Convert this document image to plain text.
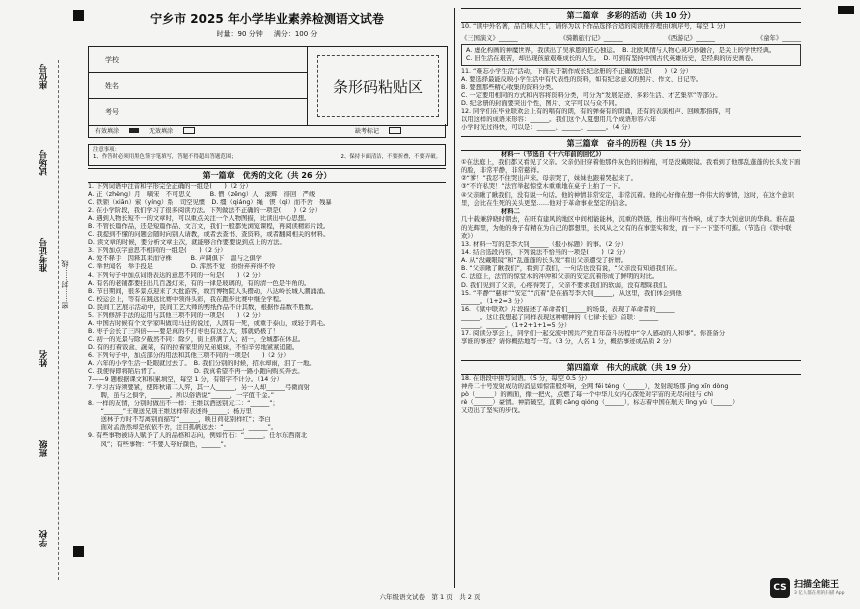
座位号
试场号
准考证号
姓名
班级
学校
密……封……线
宁乡市 2025 年小学毕业素养检测语文试卷
时量：90 分钟 满分：100 分
学校
姓名
考号
条形码粘贴区
有效填涂	无效填涂	缺考标记
注意事项：
1、作答时必须用黑色签字笔填写，答题不得超出答题范围；	2、保持卡面清洁，不要折叠，不要弄破。
第一篇章　优秀的文化（共 26 分）
1. 下列词语中注音和字形完全正确的一组是(　　)（2 分）
A. 正（zhèng）月　嘀宋　不可思义　　　B. 僧（zēng）人　滚辉　徘回　严竣
C. 铁锁（xiān）萦（yíng）系　司空见惯　D. 缰（qiáng）绳　锲（qì）而不舍　残暴
2. 在小学阶段，我们学习了很多阅读方法。下列做法不正确的一项是(　　)（2 分）
A. 遇到人物长短不一的文章时，可以重点关注一个人物图描，比读出中心思想。
B. 不管长篇作品，还是短篇作品、文言文，我们一般都先浏览课程，再阅读精彩片段。
C. 我提到不懂的问题会随时向别人请教，或者去查书、查资料，或者翻阅相关的材料。
D. 读文章的时候，要分析文章主次，就能够合作要要说到点上的方法。
3. 下列加点字意思不相同的一组是(　　)（2 分）
A. 爱不释手　因释其耒而守株　　　B. 声调俱下　温与之俱学
C. 举世闻名　举手投足　　　　　　D. 浑然不觉　纷纷弃弃得不怜
4. 下列句子中加点词语表达的意思不同的一句是(　　)（2 分）
A. 有名的老铺都要挂出几百盏灯来，有的一律是玻璃的，有的清一色是牛角的。
B. 节日期间，很多景点迎来了大批游客，故宫博物院人头攒动，八达岭长城人潮涌涌。
C. 校运会上，等有在跳远比赛中领得头彩，我在跑步比赛中继全学程。
D. 民间工艺展示活动中，民间工艺大师的剪纸作品不计其数，根据作品数不胜数。
5. 下列修辞手法的运用与其他三项不同的一项是(　　)（2 分）
A. 中国古时候有个文学家叫做司马迁的说过，人固有一死，或重于泰山，或轻于鸿毛。
B. 枣子会长了三四倍——要是真的不打枣也有这么大，那就奶极了！
C. 初一的光景与除夕截然不同：除夕，街上挤满了人；初一，全城都在休息。
D. 有的打着饭盒、蔬菜，有的拉着家里的兄弟姐妹，不怕辛劳地紧紧追随。
6. 下列句子中，加点部分的用法和其他三项不同的一项是(　　)（2 分）
A. 六年的小学生活一眨眼就过去了。　B. 我们分别的时候，招水却雨，泪了一地。
C. 我使得即将陷后背了。　　　　　　D. 我真希望不再一路小跑向购买奔去。
7——9 题根据课文和积累填空，每空 1 分，有错字不计分。（14 分）
7. 学习古诗须要紧，使阵秋诸二人弈，其一人______，另一人却______弓微而射
　　聘，虽与之俱学，______。所以俗语说“______，一字值千金。”
8. 一样的友情，分别时做出不一样：王维以酒送别元二：“______”；
　　“______”王观送兄别王维这样带表述得______；杨万里
　　送林子方时不写离别而描写“______，映日荷花别样红”；李白
　　面对孟浩然却是依依不舍，注目孤帆远去：“______，______”。
9. 有些事物被诗人赋予了人的品格和志向，例如竹石：“______，任尔东西南北
　　风”；有些事物：“不要人夸好颜色，______”。
第二篇章　多彩的活动（共 10 分）
10. “读中外名著，品百味人生”，请你为以下作品选择合适的阅读推荐理由(填序号，每空 1 分)
《三国演义》______	《骑鹅旅行记》______	《西游记》______	《童年》______
A. 虚化构画的神魔世界，我读出了吴承恩的匠心独运。　B. 北欧风情与人物心灵巧妙融合，是关上的学世经典。
C. 旧生活在艰苦，却出现孩童艰难成长的人生。　D. 可到有坚持中国古代英雄历史，是经典的历史画卷。
11. “难忘小学生活”活动，下面关于制作成长纪念册的不正确做法是(　　)（2 分）
A. 要选择最能反映小学生活中有代表性的资料，如有纪念意义的照片、作文、日记等。
B. 要想那些精心收集的资料分类。
C. 一定要用相同的方式和内容将资料分类，可分为“发展足迹、多彩生活、才艺集萃”等部分。
D. 纪念册的封面要突出个性，图片、文字可以与众不同。
12. 同学们在毕业联欢会上有的唱有的朗，有的弹奏有的朗诵，还有的表演相声、回顾那指挥，可
以用这样的成语来形容：______。我们这个人夏想用几个成语形容六年
小学时光过得快，可以是：______、______、______。（4 分）
第三篇章　奋斗的历程（共 15 分）
材料一（节选自《十六年前的回忆》）
①在法庭上，我们都又看见了父亲。父亲仍旧穿着他那件灰色的旧棉袍，可是没戴眼镜。我看到了他那乱蓬蓬的长头发下面的脸，非常平静，非常慈祥。
②“爹！”我忍不住哭出声来。母亲哭了，妹妹也跟着哭起来了。
③“不许私哭！”法官举起惊堂木重重地在桌子上拍了一下。
④父亲瞅了瞅我们，没有说一句话。他的神情非常安定，非常沉着。他的心好像在想一件伟大的事情，这时，在这个意识里，会比在生死的关头更坚……他对于革命事业坚定的信念。
材料二
几十载兼辞晓时朝去，在旺有建风的地区中间相能能林，沉重的铁链，推出得叮当作响，成了李大钊意识的华典。谁在最的光辉里，为他的身子有精在为自己的都想里，长风从之父有的在事坚实和发，而一下一下坚不可摧。（节选自《铁中联欢》）
13. 材料一写的是李大钊______（报小标题）的事。（2 分）
14. 结合选段内容，下列说法不恰当的一项是(　　)（2 分）
A. 从“没戴眼镜”和“乱蓬蓬的长头发”看出父亲遭受了折磨。
B. “父亲瞅了瞅我们”，看到了我们，一句话也没有说，“父亲没有知道我们在。
C. 法庭上，法官的惊堂木的冲冲和父亲的安定沉着形成了鲜明的对比。
D. 我们见到了父亲，心疼得哭了，父亲不要求我们的软弱，没有理睬我们。
15. “平静”“慈祥”“安定”“沉着”是在描写李大钊______，从这里，我们体会到他
______。（1+2=3 分）
16. 《狱中联欢》片段描述了革命者们______的场景，表现了革命者的______
______。这让我想起了同样表现这种精神的《七律·长征》首联：______
______，______。（1+2+1+1=5 分）
17. 阅读分享会上，同学们一起交流中国共产党百年奋斗历程中“令人感动的人和事”。你准备分
享谁的事迹？请你概括地写一写。（3 分，人名 1 分，概括事迹或品质 2 分）
第四篇章　伟大的成就（共 19 分）
18. 在语段中拼写词语。（5 分，每空 0.5 分）
神舟二十号发射成功的消息如惊雷般炸响，全网 fēi téng（______），发射现场那 jīng xīn dòng
pò（______）的画面，像一把火，点燃了每一个中华儿女内心深处对宇宙的无尽向往与 chì
rè（______）豪情。神箭破空，直刺 cāng qióng（______），标志着中国在航天 lǐng yù（______）
又迈出了坚实的步伐。
六年级语文试卷　第 1 页　共 2 页
CS 扫描全能王
3 亿人都在用的扫描 App
